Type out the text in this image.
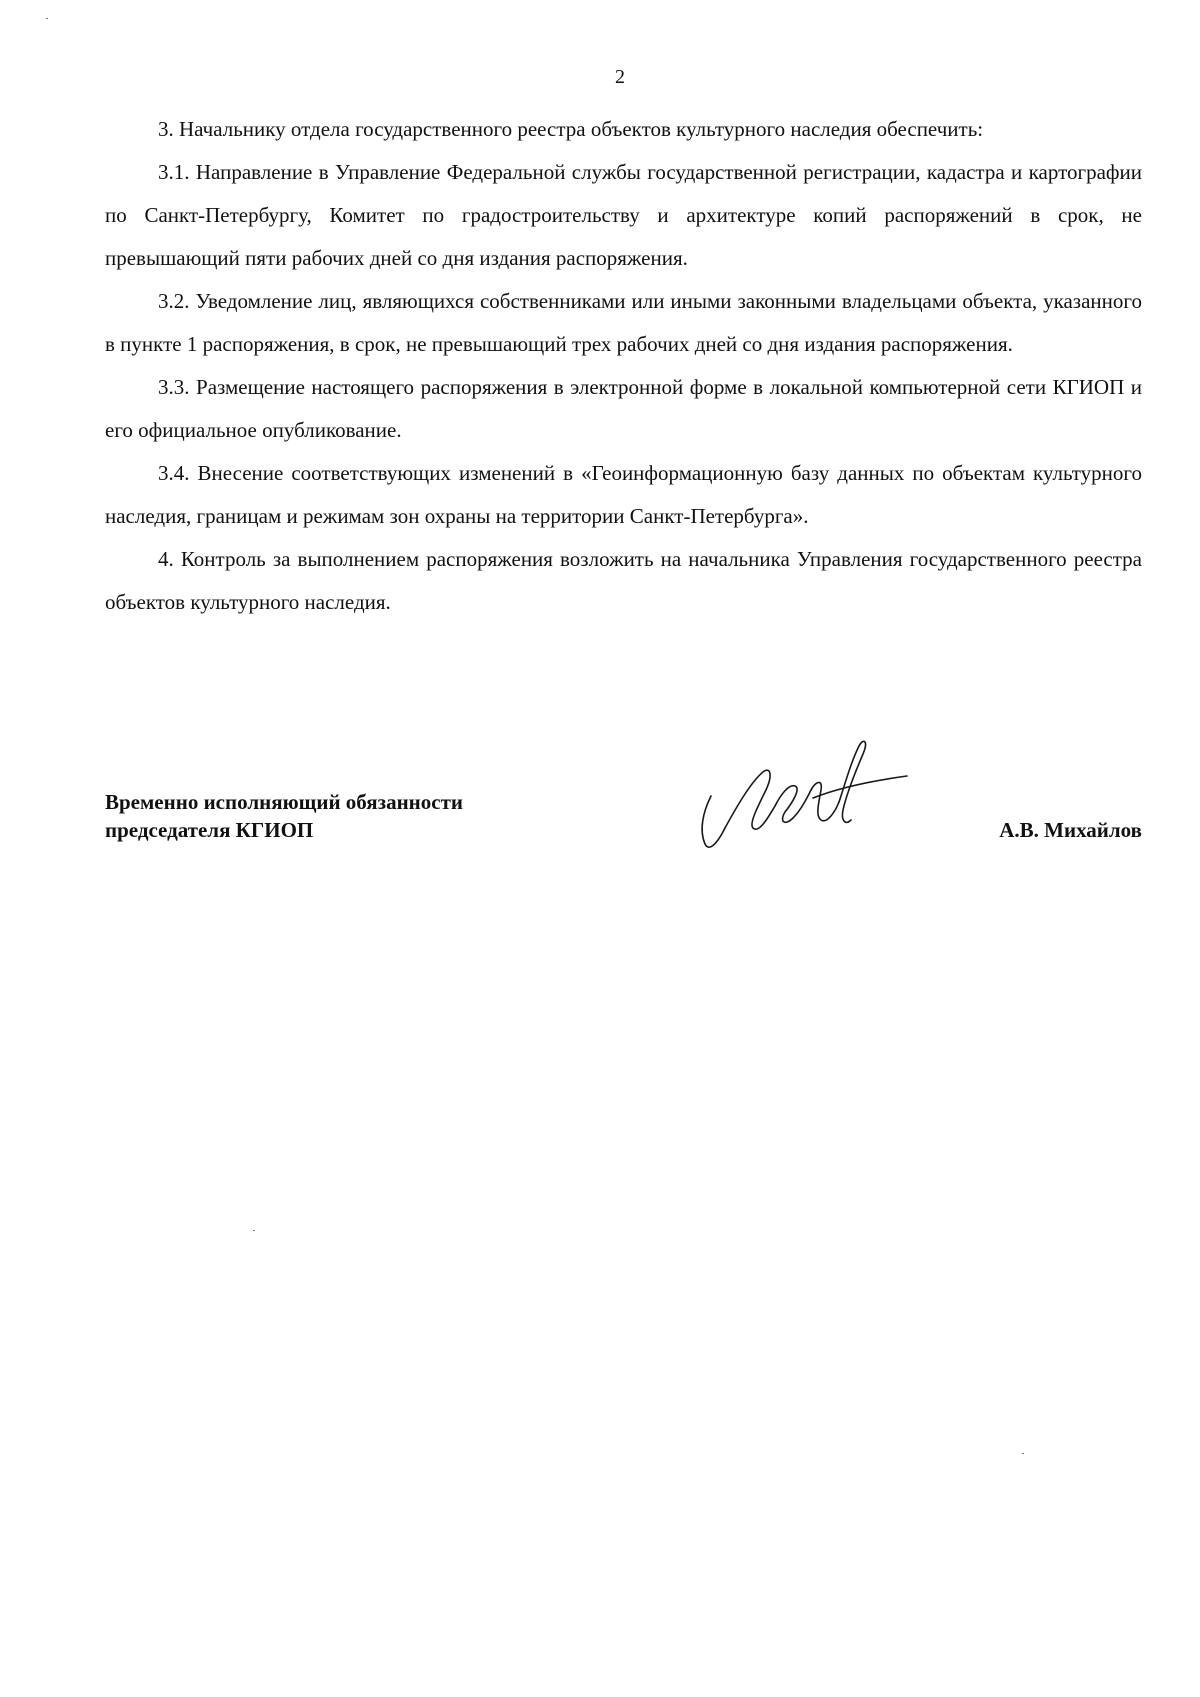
2

3. Начальнику отдела государственного реестра объектов культурного наследия обеспечить:

3.1. Направление в Управление Федеральной службы государственной регистрации, кадастра и картографии по Санкт-Петербургу, Комитет по градостроительству и архитектуре копий распоряжений в срок, не превышающий пяти рабочих дней со дня издания распоряжения.

3.2. Уведомление лиц, являющихся собственниками или иными законными владельцами объекта, указанного в пункте 1 распоряжения, в срок, не превышающий трех рабочих дней со дня издания распоряжения.

3.3. Размещение настоящего распоряжения в электронной форме в локальной компьютерной сети КГИОП и его официальное опубликование.

3.4. Внесение соответствующих изменений в «Геоинформационную базу данных по объектам культурного наследия, границам и режимам зон охраны на территории Санкт-Петербурга».

4. Контроль за выполнением распоряжения возложить на начальника Управления государственного реестра объектов культурного наследия.

Временно исполняющий обязанности
председателя КГИОП	А.В. Михайлов
